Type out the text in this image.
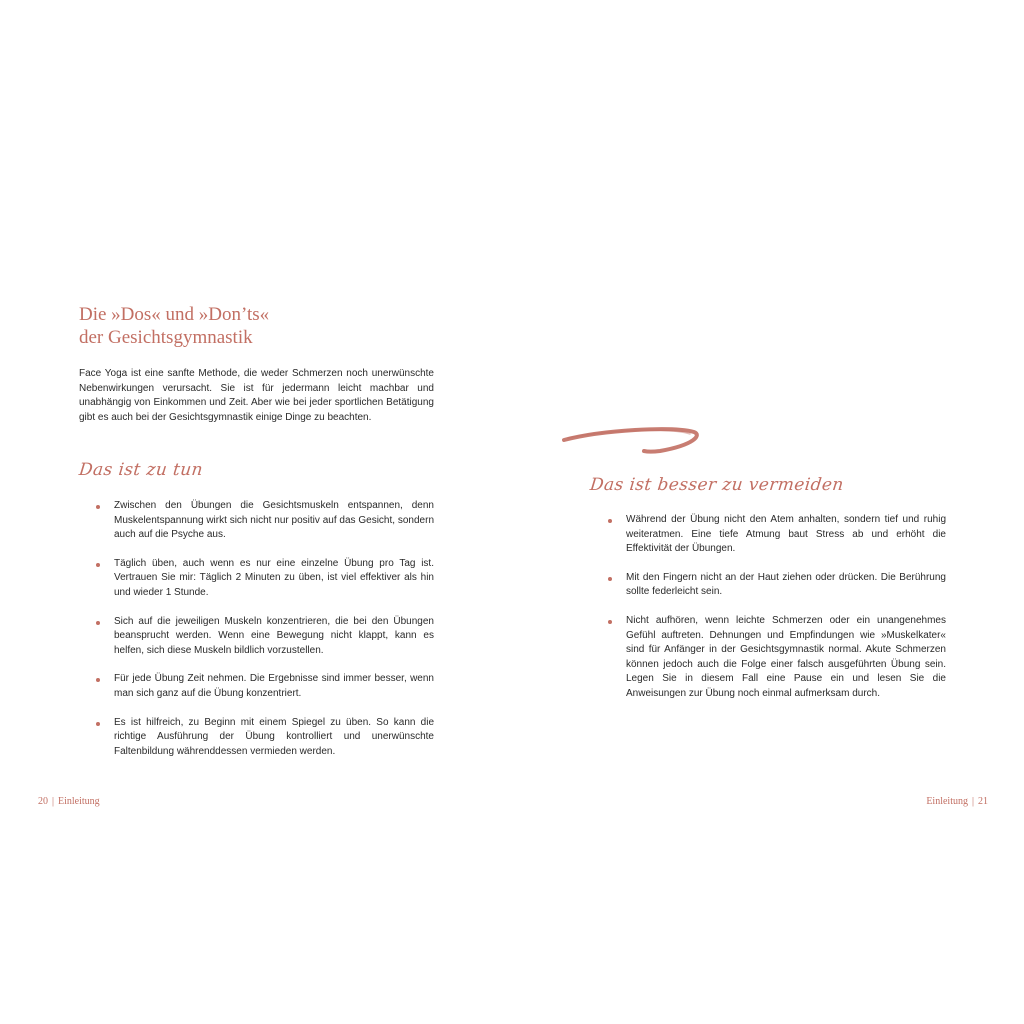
Die »Dos« und »Don’ts«
der Gesichtsgymnastik

Face Yoga ist eine sanfte Methode, die weder Schmerzen noch unerwünschte Nebenwirkungen verursacht. Sie ist für jedermann leicht machbar und unabhängig von Einkommen und Zeit. Aber wie bei jeder sportlichen Betätigung gibt es auch bei der Gesichtsgymnastik einige Dinge zu beachten.

Das ist zu tun
Zwischen den Übungen die Gesichtsmuskeln entspannen, denn Muskelentspannung wirkt sich nicht nur positiv auf das Gesicht, sondern auch auf die Psyche aus.
Täglich üben, auch wenn es nur eine einzelne Übung pro Tag ist. Vertrauen Sie mir: Täglich 2 Minuten zu üben, ist viel effektiver als hin und wieder 1 Stunde.
Sich auf die jeweiligen Muskeln konzentrieren, die bei den Übungen beansprucht werden. Wenn eine Bewegung nicht klappt, kann es helfen, sich diese Muskeln bildlich vorzustellen.
Für jede Übung Zeit nehmen. Die Ergebnisse sind immer besser, wenn man sich ganz auf die Übung konzentriert.
Es ist hilfreich, zu Beginn mit einem Spiegel zu üben. So kann die richtige Ausführung der Übung kontrolliert und unerwünschte Faltenbildung währenddessen vermieden werden.
20 | Einleitung
Das ist besser zu vermeiden
Während der Übung nicht den Atem anhalten, sondern tief und ruhig weiteratmen. Eine tiefe Atmung baut Stress ab und erhöht die Effektivität der Übungen.
Mit den Fingern nicht an der Haut ziehen oder drücken. Die Berührung sollte federleicht sein.
Nicht aufhören, wenn leichte Schmerzen oder ein unangenehmes Gefühl auftreten. Dehnungen und Empfindungen wie »Muskelkater« sind für Anfänger in der Gesichtsgymnastik normal. Akute Schmerzen können jedoch auch die Folge einer falsch ausgeführten Übung sein. Legen Sie in diesem Fall eine Pause ein und lesen Sie die Anweisungen zur Übung noch einmal aufmerksam durch.
Einleitung | 21
